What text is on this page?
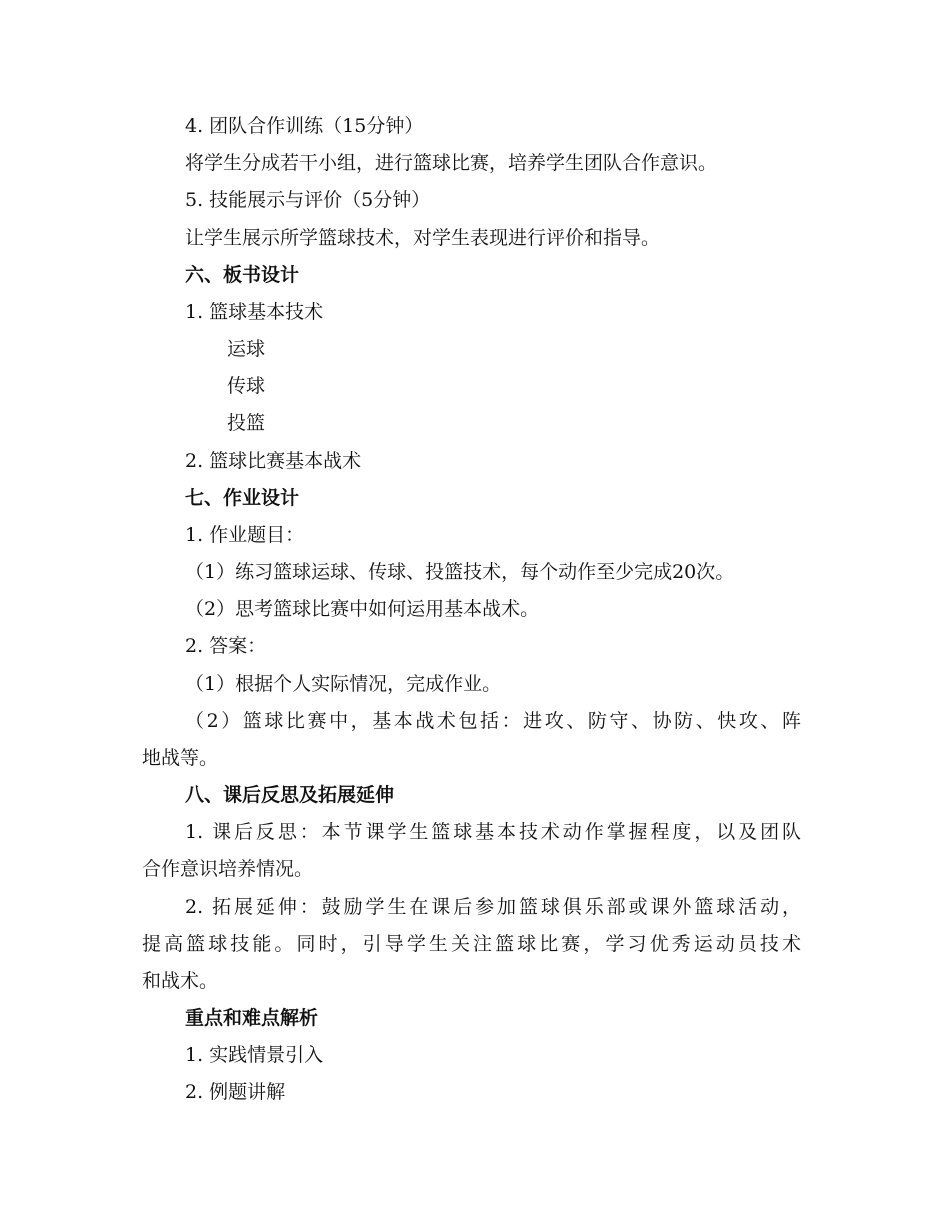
4. 团队合作训练（15分钟）
将学生分成若干小组，进行篮球比赛，培养学生团队合作意识。
5. 技能展示与评价（5分钟）
让学生展示所学篮球技术，对学生表现进行评价和指导。
六、板书设计
1. 篮球基本技术
运球
传球
投篮
2. 篮球比赛基本战术
七、作业设计
1. 作业题目：
（1）练习篮球运球、传球、投篮技术，每个动作至少完成20次。
（2）思考篮球比赛中如何运用基本战术。
2. 答案：
（1）根据个人实际情况，完成作业。
（2）篮球比赛中，基本战术包括：进攻、防守、协防、快攻、阵
地战等。
八、课后反思及拓展延伸
1. 课后反思：本节课学生篮球基本技术动作掌握程度，以及团队
合作意识培养情况。
2. 拓展延伸：鼓励学生在课后参加篮球俱乐部或课外篮球活动，
提高篮球技能。同时，引导学生关注篮球比赛，学习优秀运动员技术
和战术。
重点和难点解析
1. 实践情景引入
2. 例题讲解
